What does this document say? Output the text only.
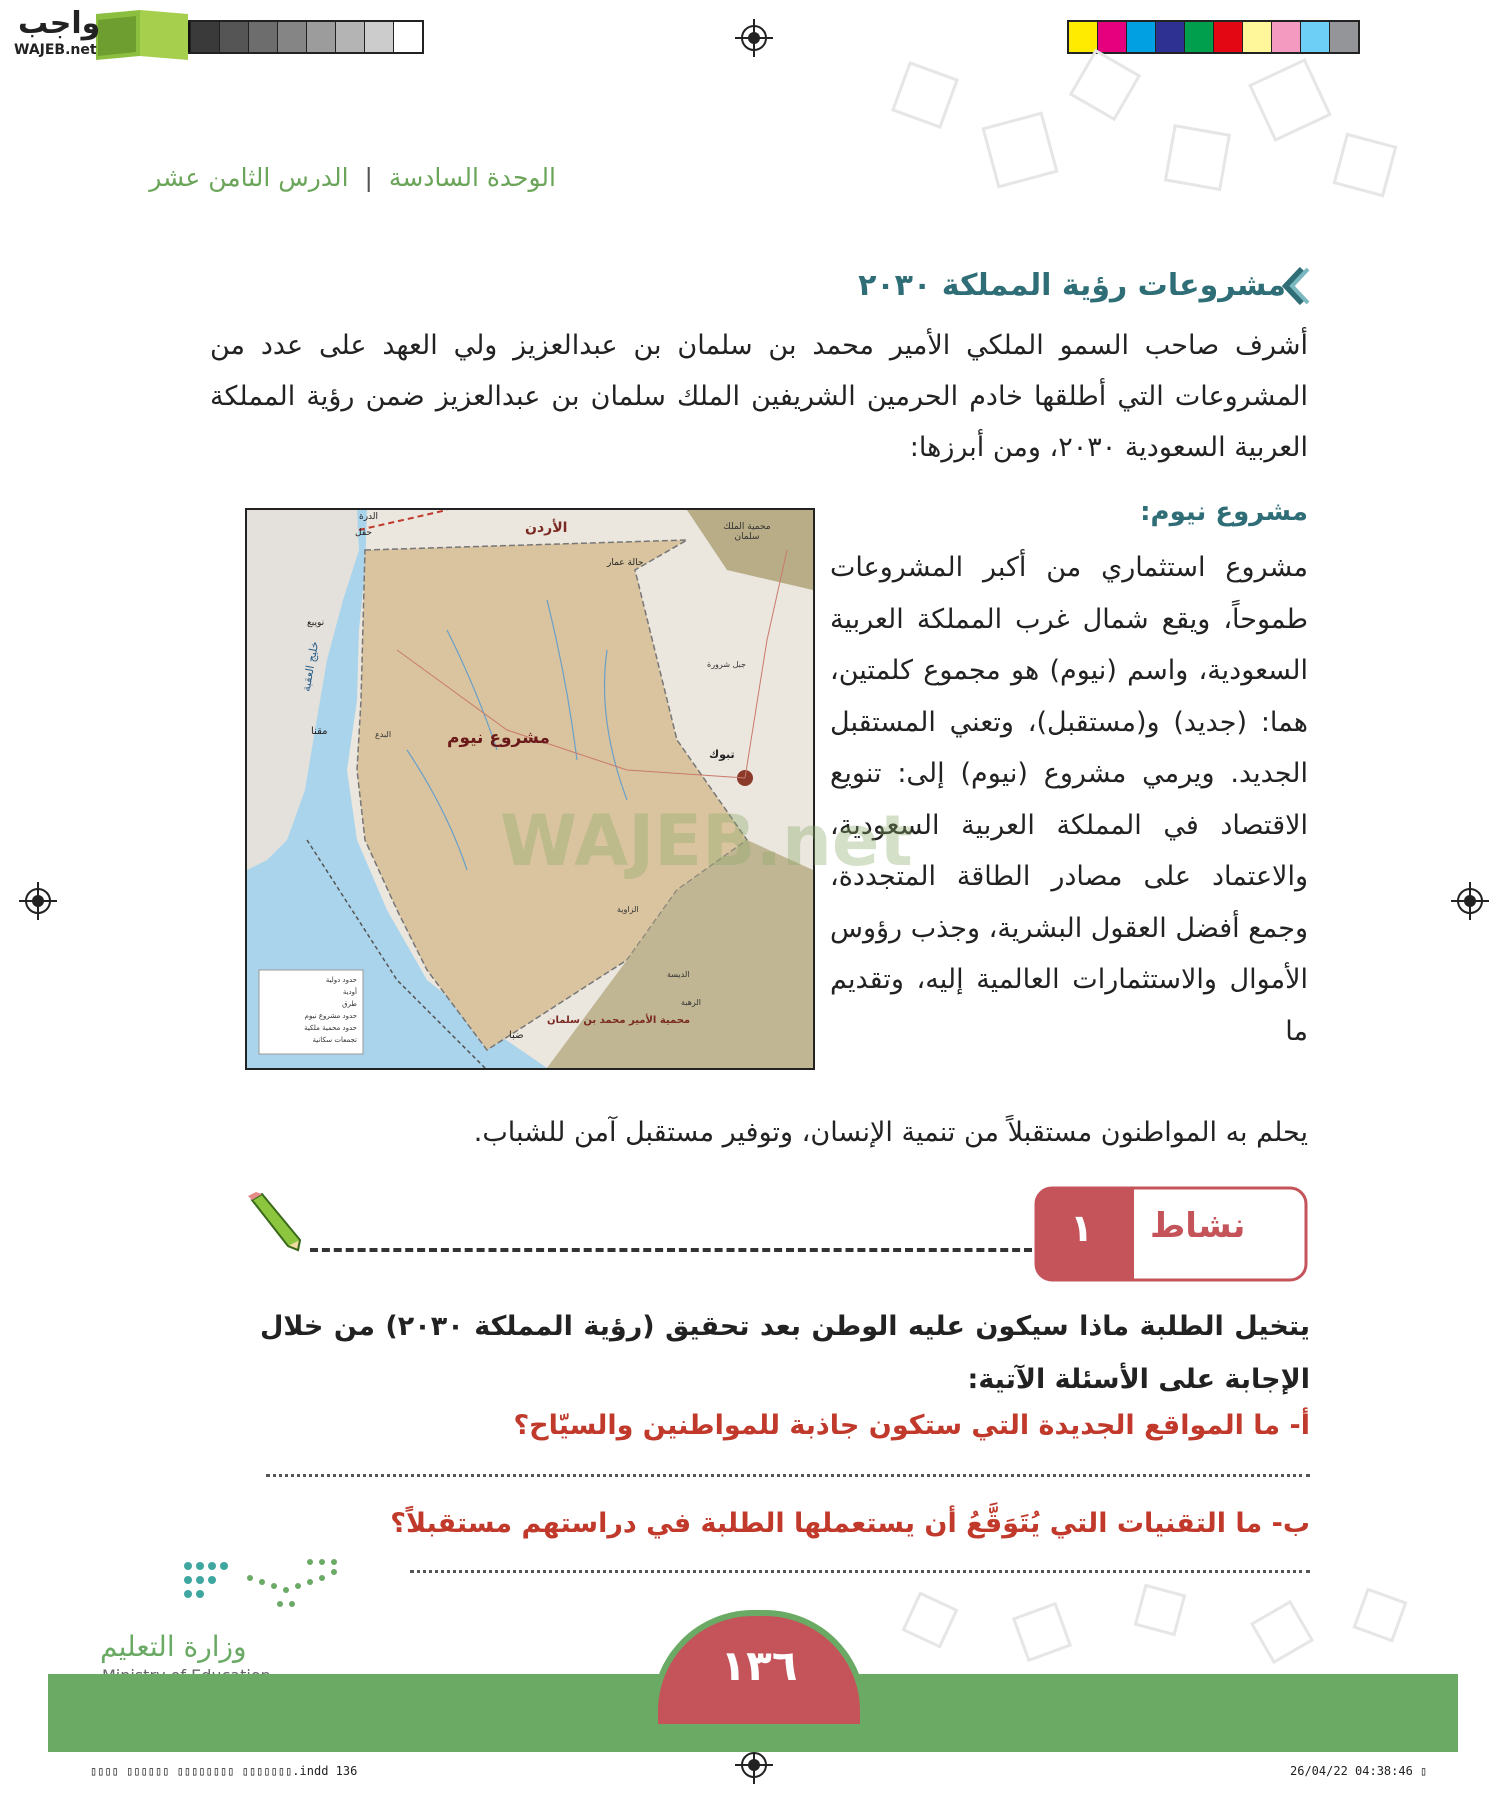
واجب
WAJEB.net
الوحدة السادسة | الدرس الثامن عشر
مشروعات رؤية المملكة ٢٠٣٠
أشرف صاحب السمو الملكي الأمير محمد بن سلمان بن عبدالعزيز ولي العهد على عدد من المشروعات التي أطلقها خادم الحرمين الشريفين الملك سلمان بن عبدالعزيز ضمن رؤية المملكة العربية السعودية ٢٠٣٠، ومن أبرزها:
مشروع نيوم:
مشروع استثماري من أكبر المشروعات طموحاً، ويقع شمال غرب المملكة العربية السعودية، واسم (نيوم) هو مجموع كلمتين، هما: (جديد) و(مستقبل)، وتعني المستقبل الجديد. ويرمي مشروع (نيوم) إلى: تنويع الاقتصاد في المملكة العربية السعودية، والاعتماد على مصادر الطاقة المتجددة، وجمع أفضل العقول البشرية، وجذب رؤوس الأموال والاستثمارات العالمية إليه، وتقديم ما
يحلم به المواطنون مستقبلاً من تنمية الإنسان، وتوفير مستقبل آمن للشباب.
مشروع نيوم
الأردن	محمية الملك سلمان
محمية الأمير محمد بن سلمان
تبوك
حقل
الدرة
نويبع
مقنا
خليج العقبة
ضبا
حالة عمار
جبل شرورة
الديسة
الرهبة
البدع
الزاوية
حدود دولية
أودية
طرق
حدود مشروع نيوم
حدود محمية ملكية
تجمعات سكانية
WAJEB.net
نشاط
١
يتخيل الطلبة ماذا سيكون عليه الوطن بعد تحقيق (رؤية المملكة ٢٠٣٠) من خلال الإجابة على الأسئلة الآتية:
أ- ما المواقع الجديدة التي ستكون جاذبة للمواطنين والسيّاح؟
ب- ما التقنيات التي يُتَوَقَّعُ أن يستعملها الطلبة في دراستهم مستقبلاً؟
وزارة التعليم	١٣٦
▯▯▯▯ ▯▯▯▯▯▯ ▯▯▯▯▯▯▯▯ ▯▯▯▯▯▯▯.indd 136	26/04/22 04:38:46 ▯
